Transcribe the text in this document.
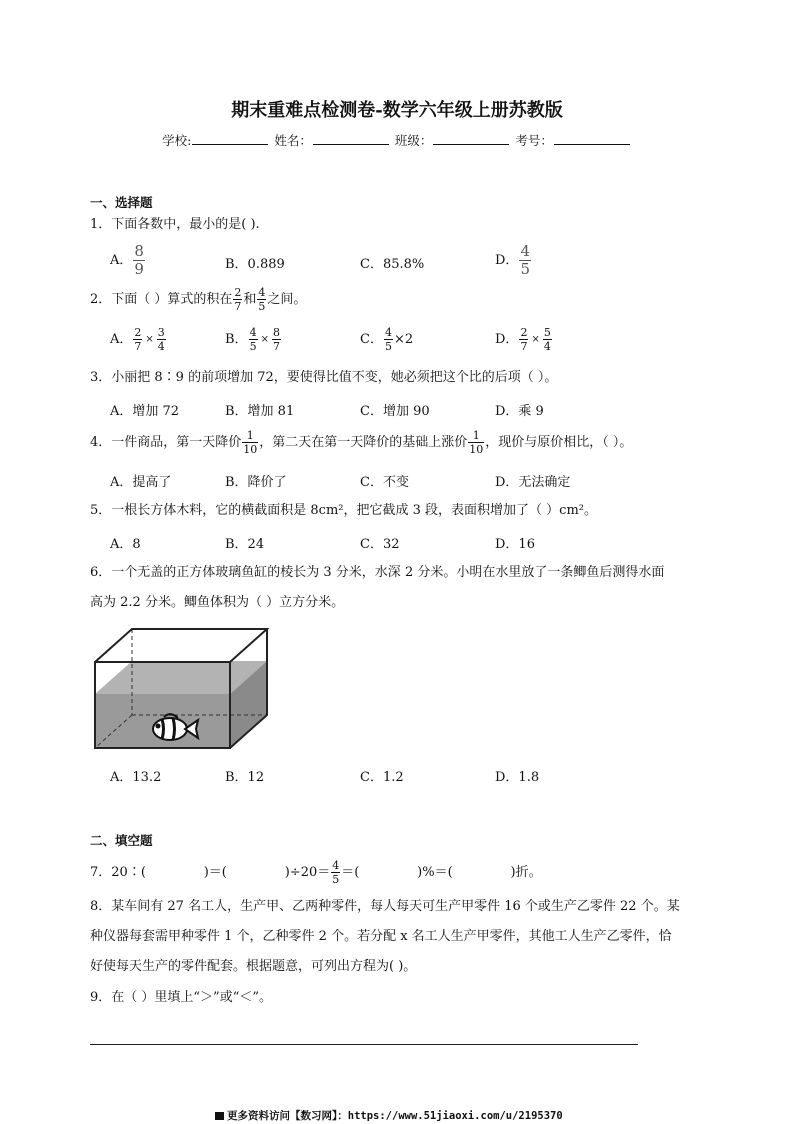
期末重难点检测卷-数学六年级上册苏教版
学校:	姓名：	班级：	考号：
一、选择题
1．下面各数中，最小的是( ).
A． $\frac{8}{9}$	B．0.889	C．85.8%	D． $\frac{4}{5}$
2．下面（ ）算式的积在 $\frac{2}{7}$ 和 $\frac{4}{5}$ 之间。
A． $\frac{2}{7} \times \frac{3}{4}$	B． $\frac{4}{5} \times \frac{8}{7}$	C． $\frac{4}{5} \times 2$	D． $\frac{2}{7} \times \frac{5}{4}$
3．小丽把 8∶9 的前项增加 72，要使得比值不变，她必须把这个比的后项（ ）。
A．增加 72	B．增加 81	C．增加 90	D．乘 9
4．一件商品，第一天降价 $\frac{1}{10}$ ，第二天在第一天降价的基础上涨价 $\frac{1}{10}$ ，现价与原价相比，（ ）。
A．提高了	B．降价了	C．不变	D．无法确定
5．一根长方体木料，它的横截面积是 8cm²，把它截成 3 段，表面积增加了（ ）cm²。
A．8	B．24	C．32	D．16
6．一个无盖的正方体玻璃鱼缸的棱长为 3 分米，水深 2 分米。小明在水里放了一条鲫鱼后测得水面
高为 2.2 分米。鲫鱼体积为（ ）立方分米。
A．13.2	B．12	C．1.2	D．1.8
二、填空题
7．20∶(              )＝(              )$\div 20= \frac{4}{5}$ ＝(              )%＝(              )折。
8．某车间有 27 名工人，生产甲、乙两种零件，每人每天可生产甲零件 16 个或生产乙零件 22 个。某
种仪器每套需甲种零件 1 个，乙种零件 2 个。若分配 x 名工人生产甲零件，其他工人生产乙零件，恰
好使每天生产的零件配套。根据题意，可列出方程为( )。
9．在（ ）里填上“＞”或“＜”。
更多资料访问【数习网】：https://www.51jiaoxi.com/u/2195370
